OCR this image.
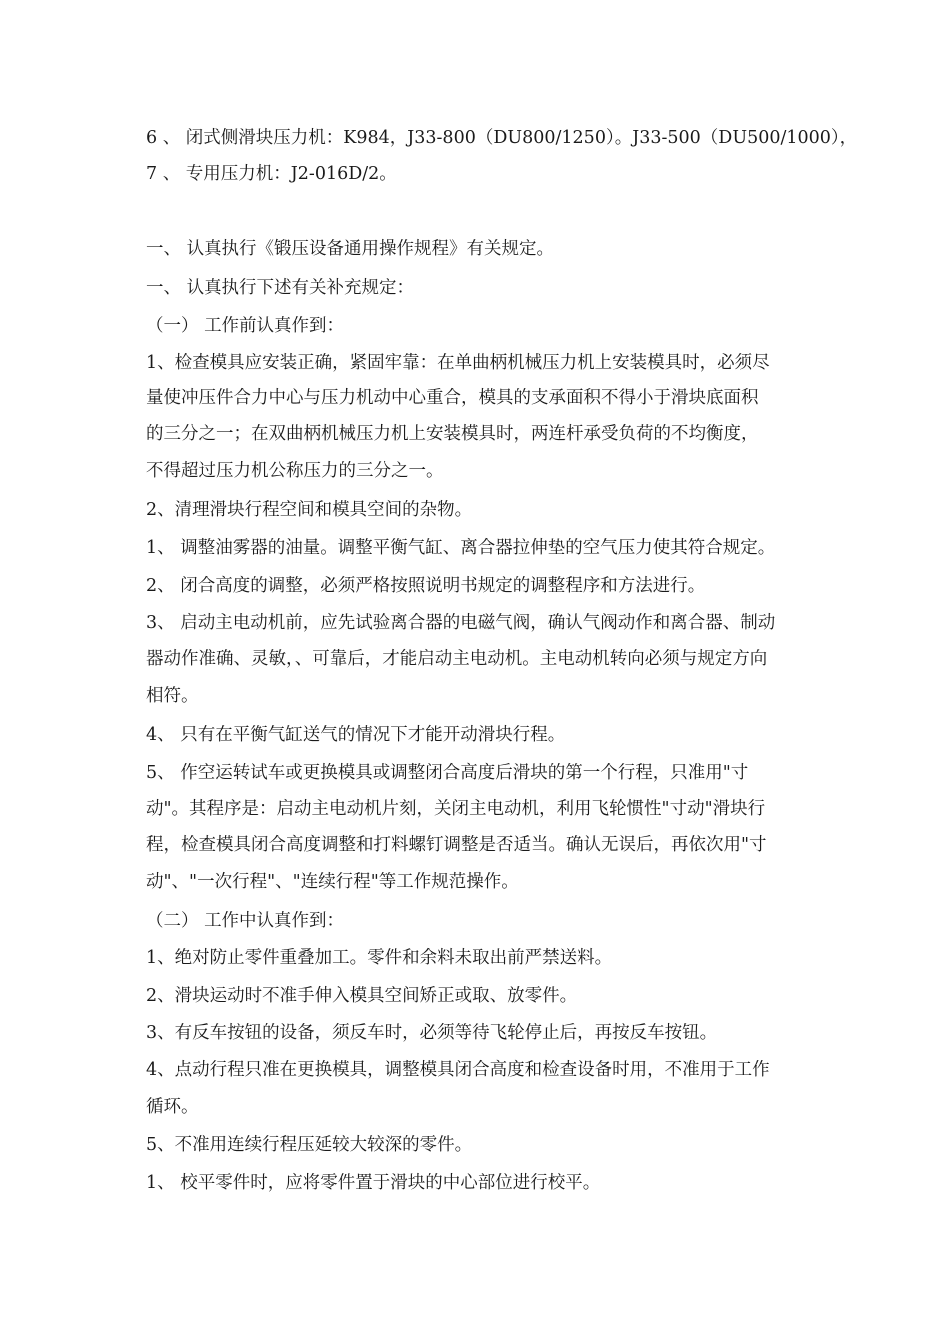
6 、 闭式侧滑块压力机：K984，J33-800（DU800/1250）。J33-500（DU500/1000），
7 、 专用压力机：J2-016D/2。
一、 认真执行《锻压设备通用操作规程》有关规定。
一、 认真执行下述有关补充规定：
（一） 工作前认真作到：
1、检查模具应安装正确，紧固牢靠：在单曲柄机械压力机上安装模具时，必须尽
量使冲压件合力中心与压力机动中心重合，模具的支承面积不得小于滑块底面积
的三分之一；在双曲柄机械压力机上安装模具时，两连杆承受负荷的不均衡度，
不得超过压力机公称压力的三分之一。
2、清理滑块行程空间和模具空间的杂物。
1、 调整油雾器的油量。调整平衡气缸、离合器拉伸垫的空气压力使其符合规定。
2、 闭合高度的调整，必须严格按照说明书规定的调整程序和方法进行。
3、 启动主电动机前，应先试验离合器的电磁气阀，确认气阀动作和离合器、制动
器动作准确、灵敏，、可靠后，才能启动主电动机。主电动机转向必须与规定方向
相符。
4、 只有在平衡气缸送气的情况下才能开动滑块行程。
5、 作空运转试车或更换模具或调整闭合高度后滑块的第一个行程，只准用"寸
动"。其程序是：启动主电动机片刻，关闭主电动机，利用飞轮惯性"寸动"滑块行
程，检查模具闭合高度调整和打料螺钉调整是否适当。确认无误后，再依次用"寸
动"、"一次行程"、"连续行程"等工作规范操作。
（二） 工作中认真作到：
1、绝对防止零件重叠加工。零件和余料未取出前严禁送料。
2、滑块运动时不准手伸入模具空间矫正或取、放零件。
3、有反车按钮的设备，须反车时，必须等待飞轮停止后，再按反车按钮。
4、点动行程只准在更换模具，调整模具闭合高度和检查设备时用，不准用于工作
循环。
5、不准用连续行程压延较大较深的零件。
1、 校平零件时，应将零件置于滑块的中心部位进行校平。
